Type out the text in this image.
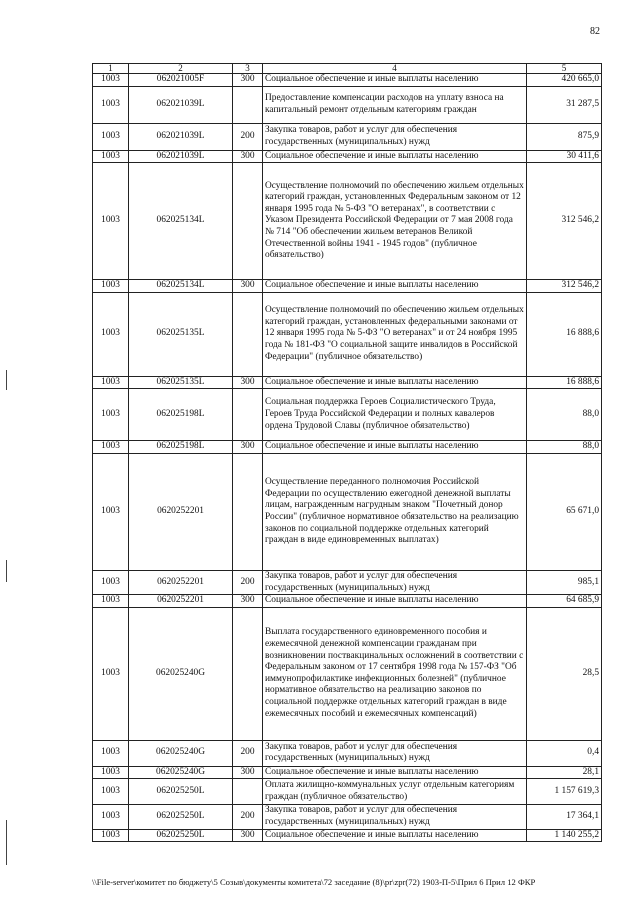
82
1	2	3	4	5
1003	062021005F	300	Социальное обеспечение и иные выплаты населению	420 665,0
1003	062021039L		Предоставление компенсации расходов на уплату взноса на капитальный ремонт отдельным категориям граждан	31 287,5
1003	062021039L	200	Закупка товаров, работ и услуг для обеспечения государственных (муниципальных) нужд	875,9
1003	062021039L	300	Социальное обеспечение и иные выплаты населению	30 411,6
1003	062025134L		Осуществление полномочий по обеспечению жильем отдельных категорий граждан, установленных Федеральным законом от 12 января 1995 года № 5-ФЗ "О ветеранах", в соответствии с Указом Президента Российской Федерации от 7 мая 2008 года № 714 "Об обеспечении жильем ветеранов Великой Отечественной войны 1941 - 1945 годов" (публичное обязательство)	312 546,2
1003	062025134L	300	Социальное обеспечение и иные выплаты населению	312 546,2
1003	062025135L		Осуществление полномочий по обеспечению жильем отдельных категорий граждан, установленных федеральными законами от 12 января 1995 года № 5-ФЗ "О ветеранах" и от 24 ноября 1995 года № 181-ФЗ "О социальной защите инвалидов в Российской Федерации" (публичное обязательство)	16 888,6
1003	062025135L	300	Социальное обеспечение и иные выплаты населению	16 888,6
1003	062025198L		Социальная поддержка Героев Социалистического Труда, Героев Труда Российской Федерации и полных кавалеров ордена Трудовой Славы (публичное обязательство)	88,0
1003	062025198L	300	Социальное обеспечение и иные выплаты населению	88,0
1003	0620252201		Осуществление переданного полномочия Российской Федерации по осуществлению ежегодной денежной выплаты лицам, награжденным нагрудным знаком "Почетный донор России" (публичное нормативное обязательство на реализацию законов по социальной поддержке отдельных категорий граждан в виде единовременных выплатах)	65 671,0
1003	0620252201	200	Закупка товаров, работ и услуг для обеспечения государственных (муниципальных) нужд	985,1
1003	0620252201	300	Социальное обеспечение и иные выплаты населению	64 685,9
1003	062025240G		Выплата государственного единовременного пособия и ежемесячной денежной компенсации гражданам при возникновении поствакцинальных осложнений в соответствии с Федеральным законом от 17 сентября 1998 года № 157-ФЗ "Об иммунопрофилактике инфекционных болезней" (публичное нормативное обязательство на реализацию законов по социальной поддержке отдельных категорий граждан в виде ежемесячных пособий и ежемесячных компенсаций)	28,5
1003	062025240G	200	Закупка товаров, работ и услуг для обеспечения государственных (муниципальных) нужд	0,4
1003	062025240G	300	Социальное обеспечение и иные выплаты населению	28,1
1003	062025250L		Оплата жилищно-коммунальных услуг отдельным категориям граждан (публичное обязательство)	1 157 619,3
1003	062025250L	200	Закупка товаров, работ и услуг для обеспечения государственных (муниципальных) нужд	17 364,1
1003	062025250L	300	Социальное обеспечение и иные выплаты населению	1 140 255,2
\\File-server\комитет по бюджету\5 Созыв\документы комитета\72 заседание (8)\pr\zpr(72) 1903-П-5\Прил 6 Прил 12 ФКР
